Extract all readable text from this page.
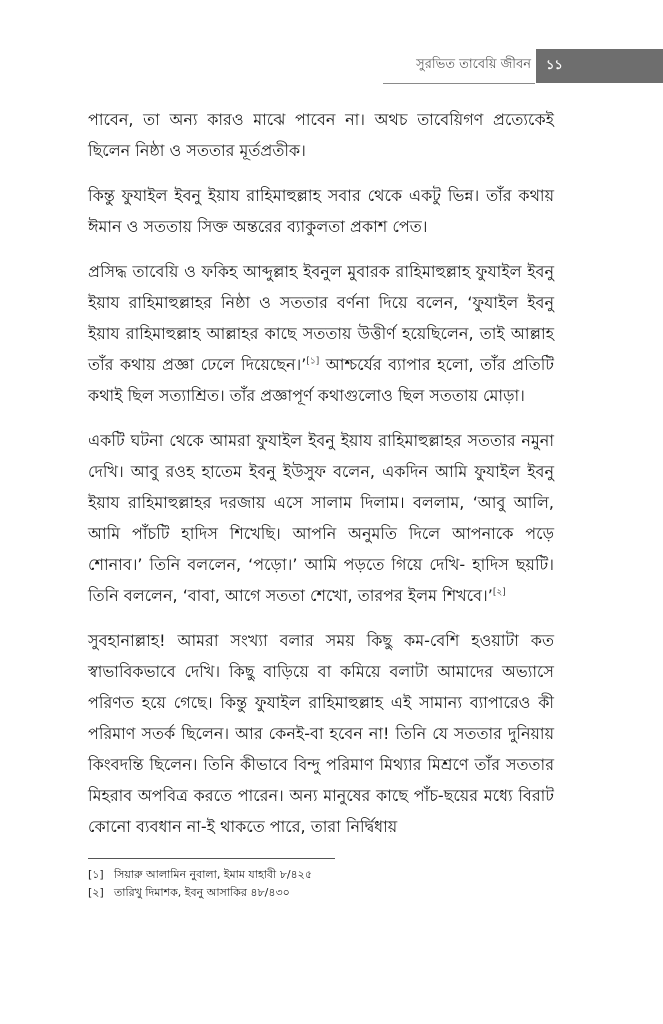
সুরভিত তাবেয়ি জীবন ১১

পাবেন, তা অন্য কারও মাঝে পাবেন না। অথচ তাবেয়িগণ প্রত্যেকেই ছিলেন নিষ্ঠা ও সততার মূর্তপ্রতীক।

কিন্তু ফুযাইল ইবনু ইয়ায রাহিমাহুল্লাহ সবার থেকে একটু ভিন্ন। তাঁর কথায় ঈমান ও সততায় সিক্ত অন্তরের ব্যাকুলতা প্রকাশ পেত।

প্রসিদ্ধ তাবেয়ি ও ফকিহ আব্দুল্লাহ ইবনুল মুবারক রাহিমাহুল্লাহ ফুযাইল ইবনু ইয়ায রাহিমাহুল্লাহর নিষ্ঠা ও সততার বর্ণনা দিয়ে বলেন, ‘ফুযাইল ইবনু ইয়ায রাহিমাহুল্লাহ আল্লাহর কাছে সততায় উত্তীর্ণ হয়েছিলেন, তাই আল্লাহ তাঁর কথায় প্রজ্ঞা ঢেলে দিয়েছেন।’[১] আশ্চর্যের ব্যাপার হলো, তাঁর প্রতিটি কথাই ছিল সত্যাশ্রিত। তাঁর প্রজ্ঞাপূর্ণ কথাগুলোও ছিল সততায় মোড়া।

একটি ঘটনা থেকে আমরা ফুযাইল ইবনু ইয়ায রাহিমাহুল্লাহর সততার নমুনা দেখি। আবু রওহ হাতেম ইবনু ইউসুফ বলেন, একদিন আমি ফুযাইল ইবনু ইয়ায রাহিমাহুল্লাহর দরজায় এসে সালাম দিলাম। বললাম, ‘আবু আলি, আমি পাঁচটি হাদিস শিখেছি। আপনি অনুমতি দিলে আপনাকে পড়ে শোনাব।’ তিনি বললেন, ‘পড়ো।’ আমি পড়তে গিয়ে দেখি- হাদিস ছয়টি। তিনি বললেন, ‘বাবা, আগে সততা শেখো, তারপর ইলম শিখবে।’[২]

সুবহানাল্লাহ! আমরা সংখ্যা বলার সময় কিছু কম-বেশি হওয়াটা কত স্বাভাবিকভাবে দেখি। কিছু বাড়িয়ে বা কমিয়ে বলাটা আমাদের অভ্যাসে পরিণত হয়ে গেছে। কিন্তু ফুযাইল রাহিমাহুল্লাহ এই সামান্য ব্যাপারেও কী পরিমাণ সতর্ক ছিলেন। আর কেনই-বা হবেন না! তিনি যে সততার দুনিয়ায় কিংবদন্তি ছিলেন। তিনি কীভাবে বিন্দু পরিমাণ মিথ্যার মিশ্রণে তাঁর সততার মিহরাব অপবিত্র করতে পারেন। অন্য মানুষের কাছে পাঁচ-ছয়ের মধ্যে বিরাট কোনো ব্যবধান না-ই থাকতে পারে, তারা নির্দ্বিধায়

[১] সিয়ারু আলামিন নুবালা, ইমাম যাহাবী ৮/৪২৫
[২] তারিখু দিমাশক, ইবনু আসাকির ৪৮/৪৩০
